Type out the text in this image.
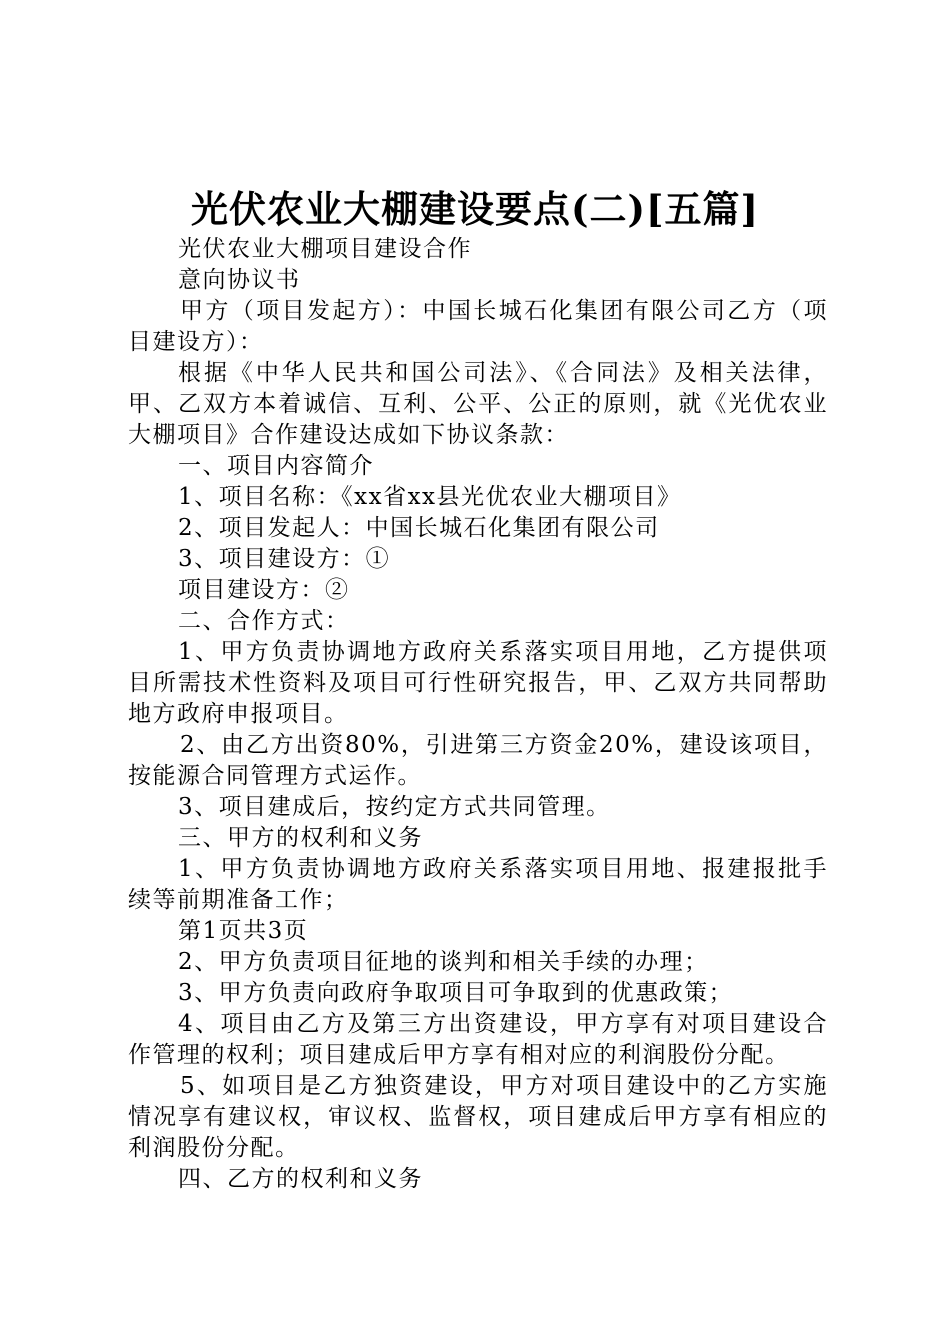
光伏农业大棚建设要点(二)[五篇]

光伏农业大棚项目建设合作

意向协议书

甲方（项目发起方）：中国长城石化集团有限公司乙方（项目建设方）：

根据《中华人民共和国公司法》、《合同法》及相关法律，甲、乙双方本着诚信、互利、公平、公正的原则，就《光优农业大棚项目》合作建设达成如下协议条款：

一、项目内容简介

1、项目名称：《xx省xx县光优农业大棚项目》

2、项目发起人：中国长城石化集团有限公司

3、项目建设方：①

项目建设方：②

二、合作方式：

1、甲方负责协调地方政府关系落实项目用地，乙方提供项目所需技术性资料及项目可行性研究报告，甲、乙双方共同帮助地方政府申报项目。

2、由乙方出资80%，引进第三方资金20%，建设该项目，按能源合同管理方式运作。

3、项目建成后，按约定方式共同管理。

三、甲方的权利和义务

1、甲方负责协调地方政府关系落实项目用地、报建报批手续等前期准备工作；

第1页共3页

2、甲方负责项目征地的谈判和相关手续的办理；

3、甲方负责向政府争取项目可争取到的优惠政策；

4、项目由乙方及第三方出资建设，甲方享有对项目建设合作管理的权利；项目建成后甲方享有相对应的利润股份分配。

5、如项目是乙方独资建设，甲方对项目建设中的乙方实施情况享有建议权，审议权、监督权，项目建成后甲方享有相应的利润股份分配。

四、乙方的权利和义务
